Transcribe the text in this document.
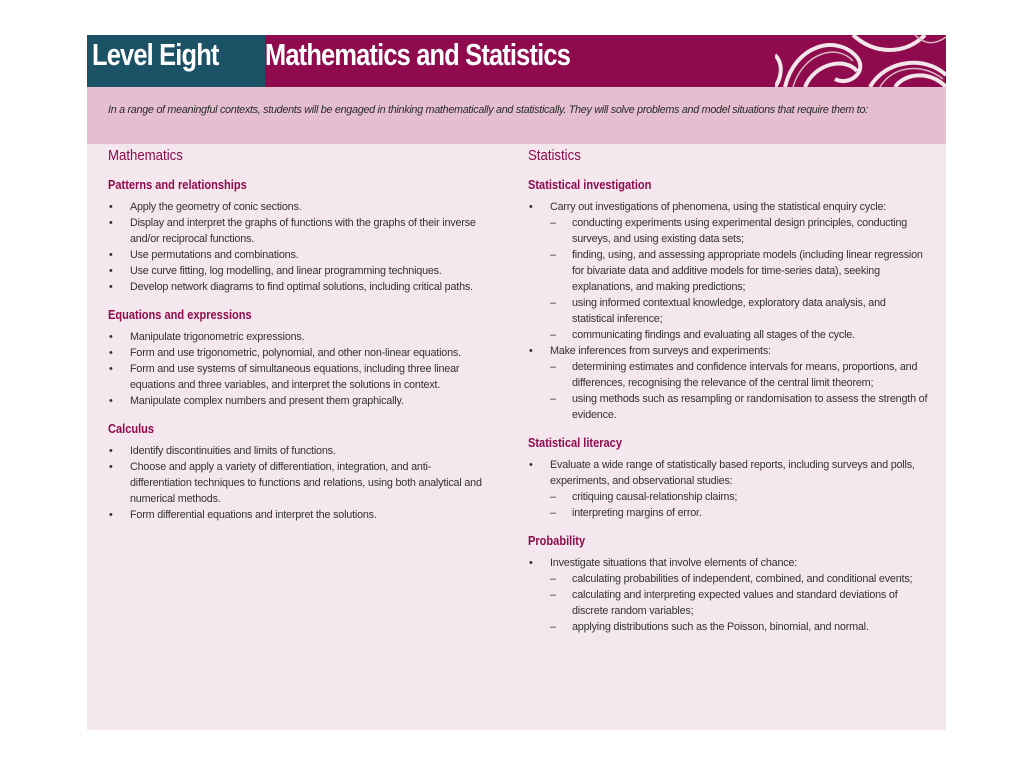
Level Eight Mathematics and Statistics
In a range of meaningful contexts, students will be engaged in thinking mathematically and statistically. They will solve problems and model situations that require them to:
Mathematics
Patterns and relationships
• Apply the geometry of conic sections.
• Display and interpret the graphs of functions with the graphs of their inverse and/or reciprocal functions.
• Use permutations and combinations.
• Use curve fitting, log modelling, and linear programming techniques.
• Develop network diagrams to find optimal solutions, including critical paths.
Equations and expressions
• Manipulate trigonometric expressions.
• Form and use trigonometric, polynomial, and other non-linear equations.
• Form and use systems of simultaneous equations, including three linear equations and three variables, and interpret the solutions in context.
• Manipulate complex numbers and present them graphically.
Calculus
• Identify discontinuities and limits of functions.
• Choose and apply a variety of differentiation, integration, and anti-differentiation techniques to functions and relations, using both analytical and numerical methods.
• Form differential equations and interpret the solutions.
Statistics
Statistical investigation
• Carry out investigations of phenomena, using the statistical enquiry cycle:
– conducting experiments using experimental design principles, conducting surveys, and using existing data sets;
– finding, using, and assessing appropriate models (including linear regression for bivariate data and additive models for time-series data), seeking explanations, and making predictions;
– using informed contextual knowledge, exploratory data analysis, and statistical inference;
– communicating findings and evaluating all stages of the cycle.
• Make inferences from surveys and experiments:
– determining estimates and confidence intervals for means, proportions, and differences, recognising the relevance of the central limit theorem;
– using methods such as resampling or randomisation to assess the strength of evidence.
Statistical literacy
• Evaluate a wide range of statistically based reports, including surveys and polls, experiments, and observational studies:
– critiquing causal-relationship claims;
– interpreting margins of error.
Probability
• Investigate situations that involve elements of chance:
– calculating probabilities of independent, combined, and conditional events;
– calculating and interpreting expected values and standard deviations of discrete random variables;
– applying distributions such as the Poisson, binomial, and normal.
